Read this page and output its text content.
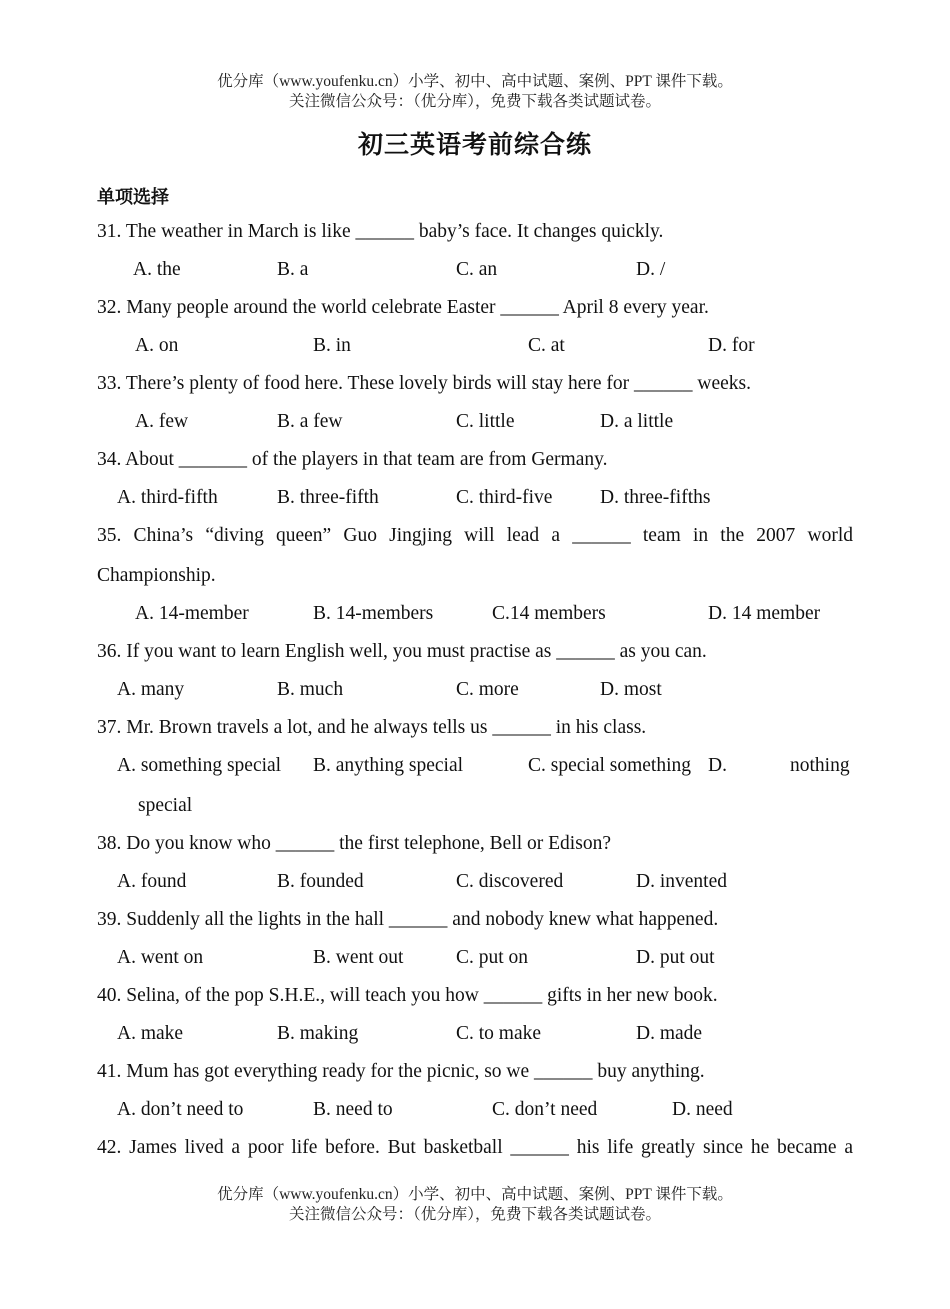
优分库（www.youfenku.cn）小学、初中、高中试题、案例、PPT 课件下载。
关注微信公众号：（优分库），免费下载各类试题试卷。
初三英语考前综合练
单项选择
31. The weather in March is like ______ baby’s face. It changes quickly.
A. the	B. a	C. an	D. /
32. Many people around the world celebrate Easter ______ April 8 every year.
A. on	B. in	C. at	D. for
33. There’s plenty of food here. These lovely birds will stay here for ______ weeks.
A. few	B. a few	C. little	D. a little
34. About _______ of the players in that team are from Germany.
A. third-fifth	B. three-fifth	C. third-five D. three-fifths
35. China’s “diving queen” Guo Jingjing will lead a ______ team in the 2007 world
Championship.
A. 14-member	B. 14-members	C.14 members	D. 14 member
36. If you want to learn English well, you must practise as ______ as you can.
A. many	B. much	C. more	D. most
37. Mr. Brown travels a lot, and he always tells us ______ in his class.
A. something special B. anything special	C. special something D.	nothing
special
38. Do you know who ______ the first telephone, Bell or Edison?
A. found	B. founded	C. discovered	D. invented
39. Suddenly all the lights in the hall ______ and nobody knew what happened.
A. went on	B. went out	C. put on	D. put out
40. Selina, of the pop S.H.E., will teach you how ______ gifts in her new book.
A. make	B. making	C. to make	D. made
41. Mum has got everything ready for the picnic, so we ______ buy anything.
A. don’t need to	B. need to	C. don’t need	D. need
42. James lived a poor life before. But basketball ______ his life greatly since he became a
优分库（www.youfenku.cn）小学、初中、高中试题、案例、PPT 课件下载。
关注微信公众号：（优分库），免费下载各类试题试卷。
